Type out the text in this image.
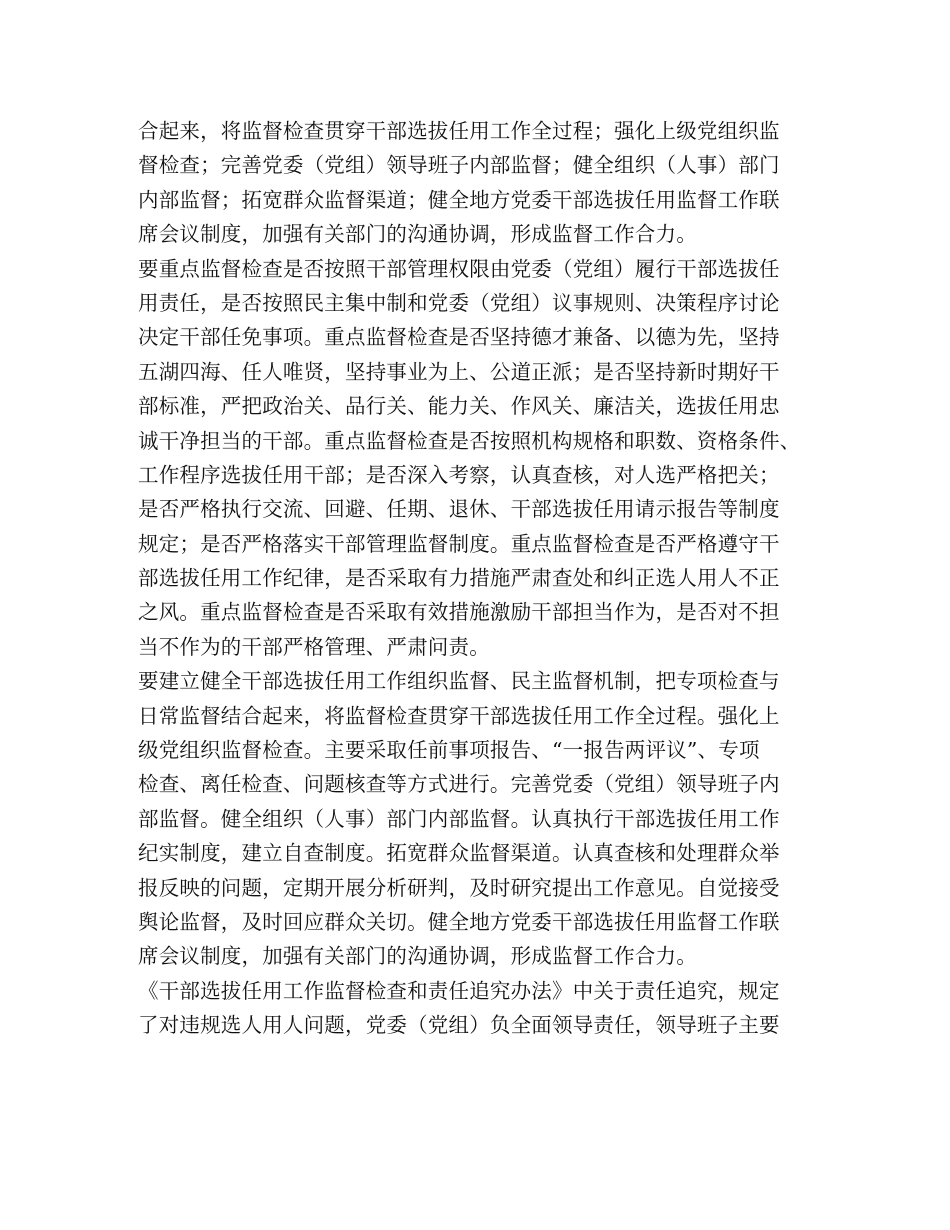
合起来，将监督检查贯穿干部选拔任用工作全过程；强化上级党组织监
督检查；完善党委（党组）领导班子内部监督；健全组织（人事）部门
内部监督；拓宽群众监督渠道；健全地方党委干部选拔任用监督工作联
席会议制度，加强有关部门的沟通协调，形成监督工作合力。
要重点监督检查是否按照干部管理权限由党委（党组）履行干部选拔任
用责任，是否按照民主集中制和党委（党组）议事规则、决策程序讨论
决定干部任免事项。重点监督检查是否坚持德才兼备、以德为先，坚持
五湖四海、任人唯贤，坚持事业为上、公道正派；是否坚持新时期好干
部标准，严把政治关、品行关、能力关、作风关、廉洁关，选拔任用忠
诚干净担当的干部。重点监督检查是否按照机构规格和职数、资格条件、
工作程序选拔任用干部；是否深入考察，认真查核，对人选严格把关；
是否严格执行交流、回避、任期、退休、干部选拔任用请示报告等制度
规定；是否严格落实干部管理监督制度。重点监督检查是否严格遵守干
部选拔任用工作纪律，是否采取有力措施严肃查处和纠正选人用人不正
之风。重点监督检查是否采取有效措施激励干部担当作为，是否对不担
当不作为的干部严格管理、严肃问责。
要建立健全干部选拔任用工作组织监督、民主监督机制，把专项检查与
日常监督结合起来，将监督检查贯穿干部选拔任用工作全过程。强化上
级党组织监督检查。主要采取任前事项报告、“一报告两评议”、专项
检查、离任检查、问题核查等方式进行。完善党委（党组）领导班子内
部监督。健全组织（人事）部门内部监督。认真执行干部选拔任用工作
纪实制度，建立自查制度。拓宽群众监督渠道。认真查核和处理群众举
报反映的问题，定期开展分析研判，及时研究提出工作意见。自觉接受
舆论监督，及时回应群众关切。健全地方党委干部选拔任用监督工作联
席会议制度，加强有关部门的沟通协调，形成监督工作合力。
《干部选拔任用工作监督检查和责任追究办法》中关于责任追究，规定
了对违规选人用人问题，党委（党组）负全面领导责任，领导班子主要
